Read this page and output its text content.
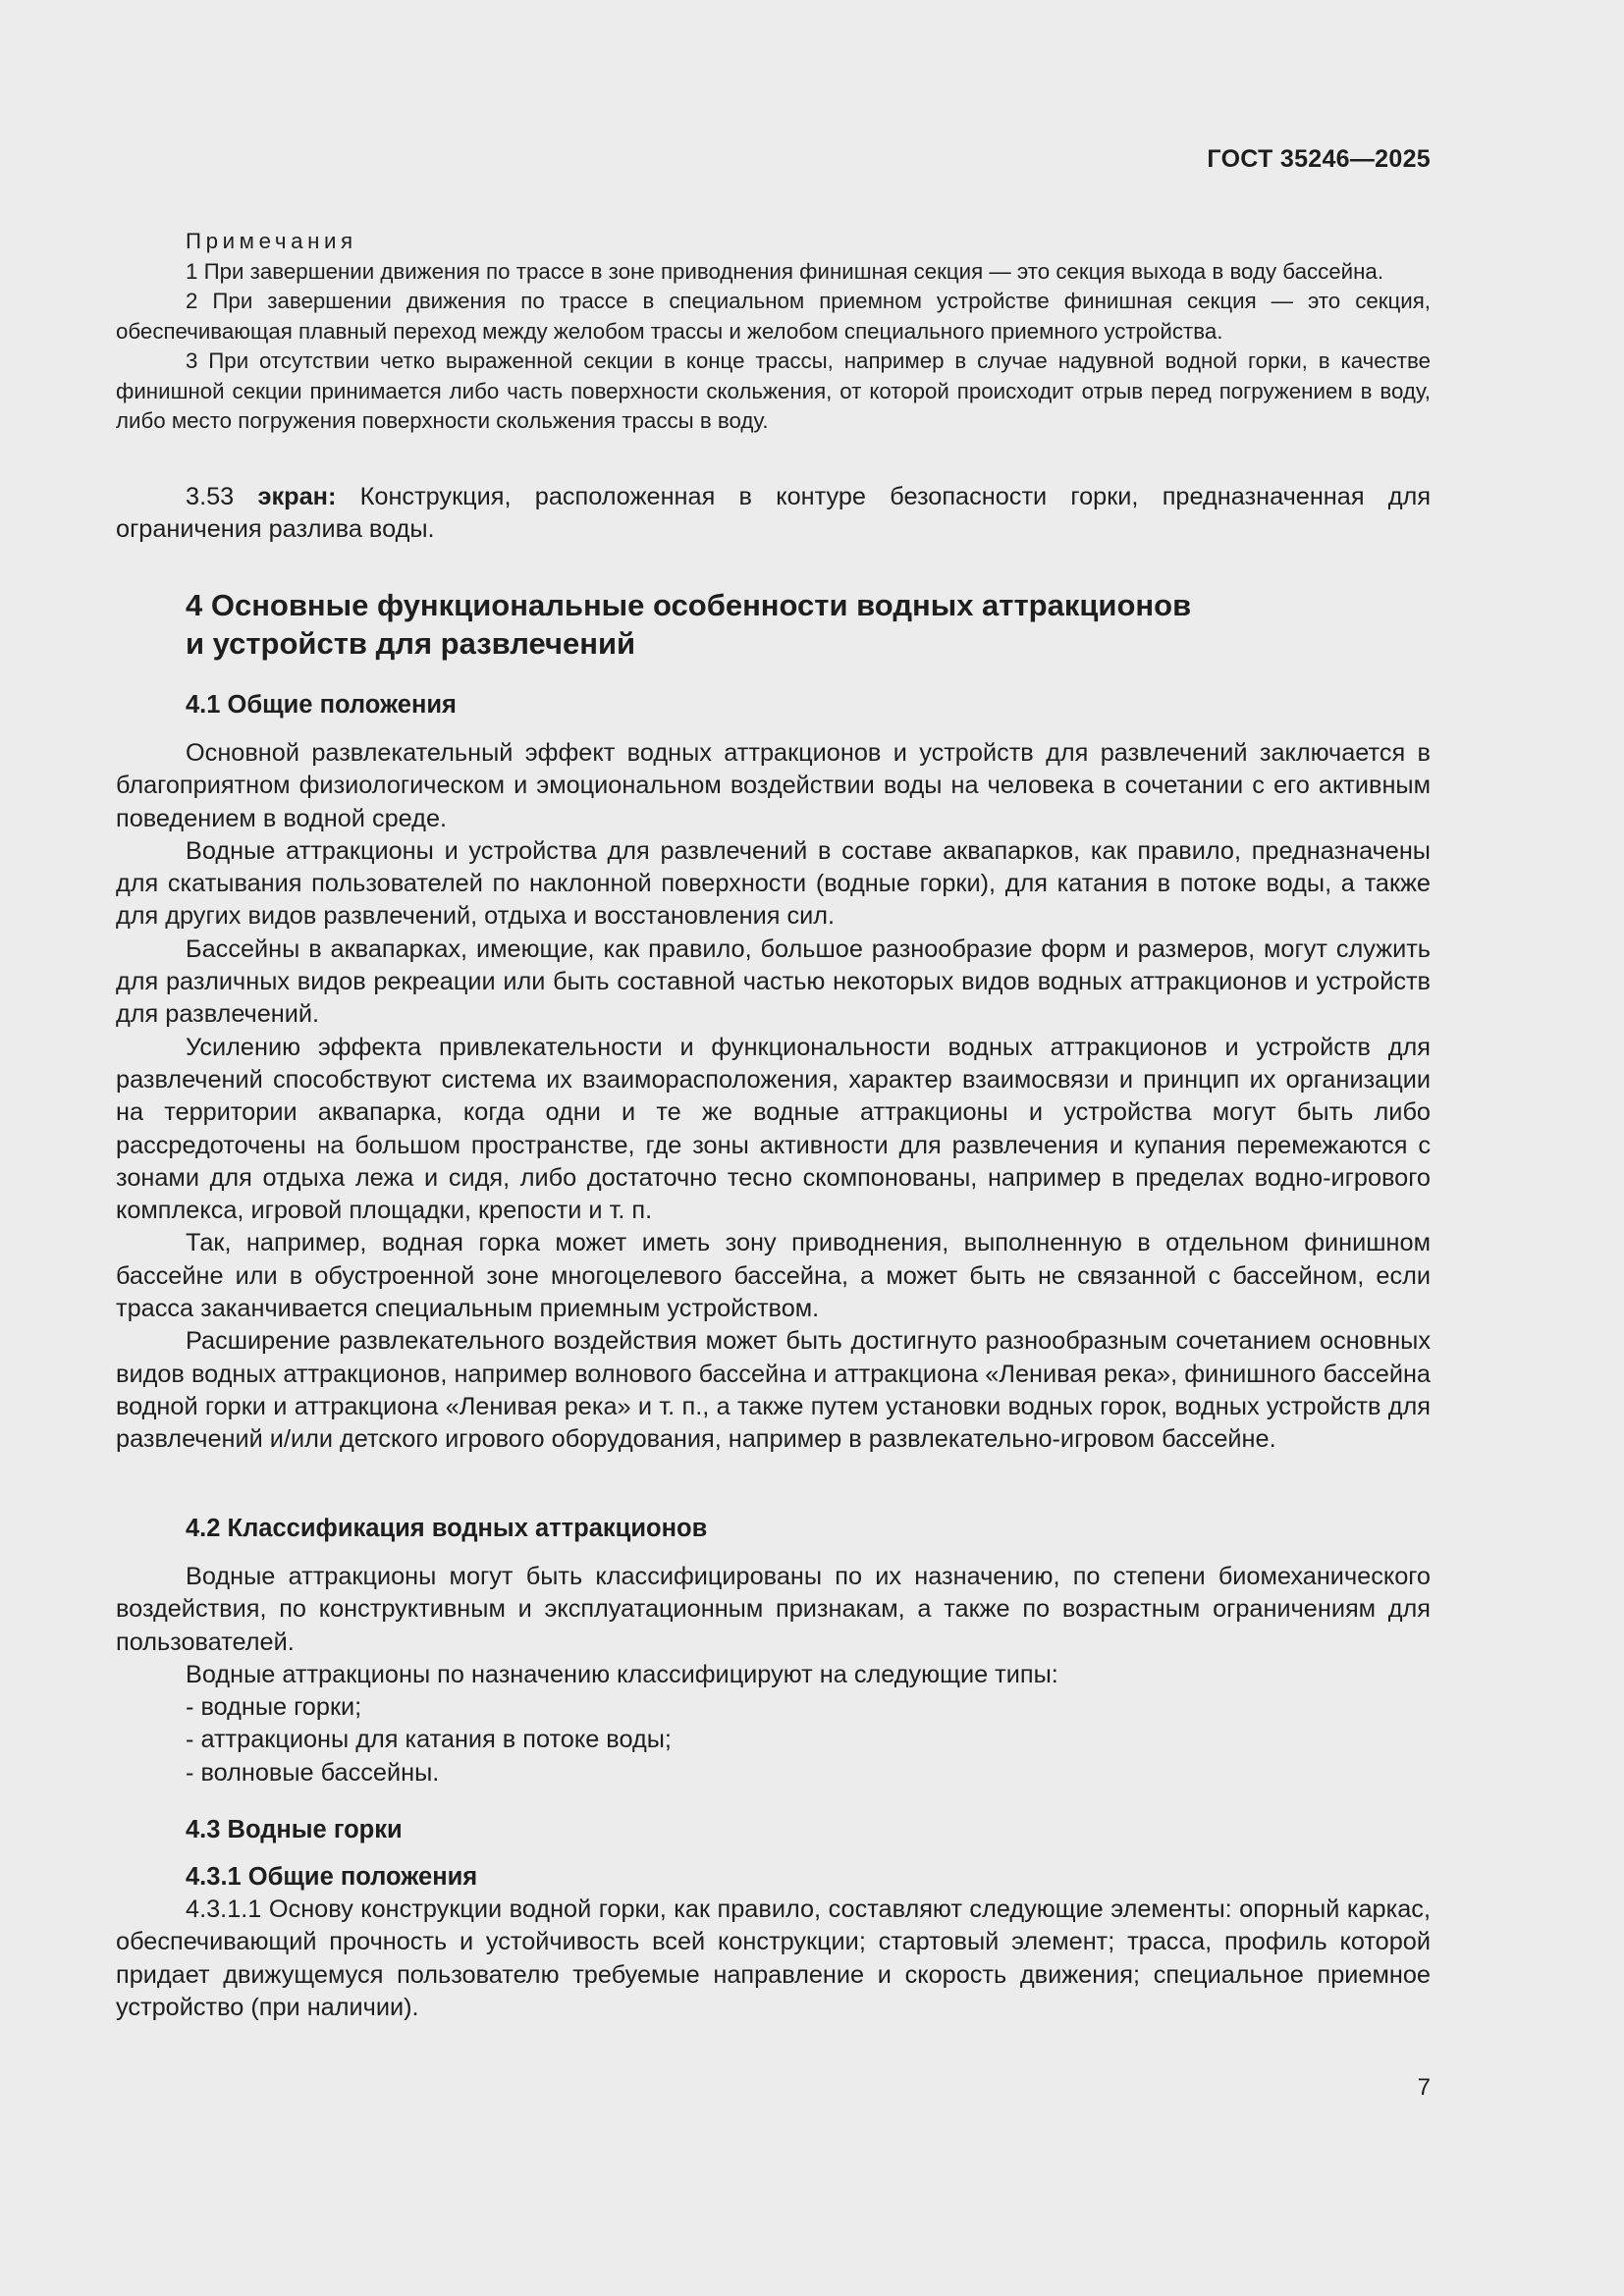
ГОСТ 35246—2025
Примечания

1 При завершении движения по трассе в зоне приводнения финишная секция — это секция выхода в воду бассейна.

2 При завершении движения по трассе в специальном приемном устройстве финишная секция — это секция, обеспечивающая плавный переход между желобом трассы и желобом специального приемного устройства.

3 При отсутствии четко выраженной секции в конце трассы, например в случае надувной водной горки, в качестве финишной секции принимается либо часть поверхности скольжения, от которой происходит отрыв перед погружением в воду, либо место погружения поверхности скольжения трассы в воду.

3.53 экран: Конструкция, расположенная в контуре безопасности горки, предназначенная для ограничения разлива воды.

4 Основные функциональные особенности водных аттракционов
и устройств для развлечений
4.1 Общие положения

Основной развлекательный эффект водных аттракционов и устройств для развлечений заключается в благоприятном физиологическом и эмоциональном воздействии воды на человека в сочетании с его активным поведением в водной среде.

Водные аттракционы и устройства для развлечений в составе аквапарков, как правило, предназначены для скатывания пользователей по наклонной поверхности (водные горки), для катания в потоке воды, а также для других видов развлечений, отдыха и восстановления сил.

Бассейны в аквапарках, имеющие, как правило, большое разнообразие форм и размеров, могут служить для различных видов рекреации или быть составной частью некоторых видов водных аттракционов и устройств для развлечений.

Усилению эффекта привлекательности и функциональности водных аттракционов и устройств для развлечений способствуют система их взаиморасположения, характер взаимосвязи и принцип их организации на территории аквапарка, когда одни и те же водные аттракционы и устройства могут быть либо рассредоточены на большом пространстве, где зоны активности для развлечения и купания перемежаются с зонами для отдыха лежа и сидя, либо достаточно тесно скомпонованы, например в пределах водно-игрового комплекса, игровой площадки, крепости и т. п.

Так, например, водная горка может иметь зону приводнения, выполненную в отдельном финишном бассейне или в обустроенной зоне многоцелевого бассейна, а может быть не связанной с бассейном, если трасса заканчивается специальным приемным устройством.

Расширение развлекательного воздействия может быть достигнуто разнообразным сочетанием основных видов водных аттракционов, например волнового бассейна и аттракциона «Ленивая река», финишного бассейна водной горки и аттракциона «Ленивая река» и т. п., а также путем установки водных горок, водных устройств для развлечений и/или детского игрового оборудования, например в развлекательно-игровом бассейне.

4.2 Классификация водных аттракционов

Водные аттракционы могут быть классифицированы по их назначению, по степени биомеханического воздействия, по конструктивным и эксплуатационным признакам, а также по возрастным ограничениям для пользователей.

Водные аттракционы по назначению классифицируют на следующие типы:

- водные горки;
- аттракционы для катания в потоке воды;
- волновые бассейны.
4.3 Водные горки
4.3.1 Общие положения

4.3.1.1 Основу конструкции водной горки, как правило, составляют следующие элементы: опорный каркас, обеспечивающий прочность и устойчивость всей конструкции; стартовый элемент; трасса, профиль которой придает движущемуся пользователю требуемые направление и скорость движения; специальное приемное устройство (при наличии).

7
